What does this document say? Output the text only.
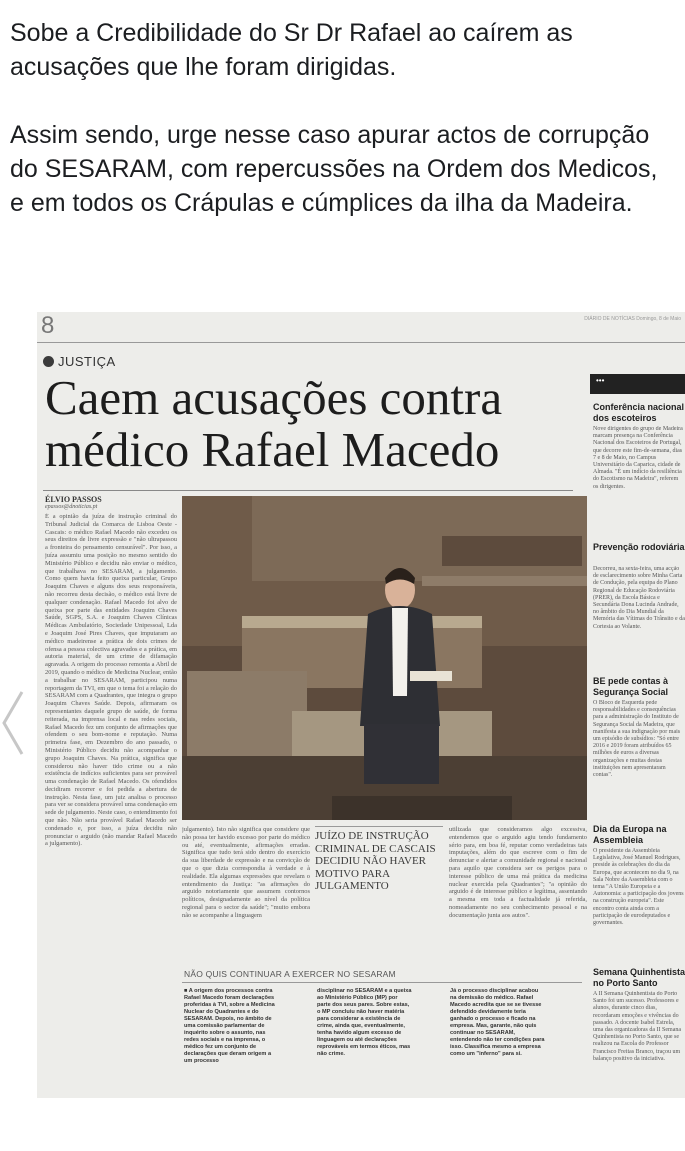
Sobe a Credibilidade do Sr Dr Rafael ao caírem as acusações que lhe foram dirigidas.

Assim sendo, urge nesse caso apurar actos de corrupção do SESARAM, com repercussões na Ordem dos Medicos, e em todos os Crápulas e cúmplices da ilha da Madeira.

8	DIÁRIO DE NOTÍCIAS Domingo, 8 de Maio
JUSTIÇA
Caem acusações contra médico Rafael Macedo
ÉLVIO PASSOS
epassos@dnoticias.pt

É a opinião da juíza de instrução criminal do Tribunal Judicial da Comarca de Lisboa Oeste - Cascais: o médico Rafael Macedo não excedeu os seus direitos de livre expressão e "não ultrapassou a fronteira do pensamento censurável". Por isso, a juíza assumiu uma posição no mesmo sentido do Ministério Público e decidiu não enviar o médico, que trabalhava no SESARAM, a julgamento. Como quem havia feito queixa particular, Grupo Joaquim Chaves e alguns dos seus responsáveis, não recorreu desta decisão, o médico está livre de qualquer condenação. Rafael Macedo foi alvo de queixa por parte das entidades Joaquim Chaves Saúde, SGPS, S.A. e Joaquim Chaves Clínicas Médicas Ambulatório, Sociedade Unipessoal, Lda e Joaquim José Pires Chaves, que imputaram ao médico madeirense a prática de dois crimes de ofensa a pessoa colectiva agravados e a prática, em autoria material, de um crime de difamação agravada. A origem do processo remonta a Abril de 2019, quando o médico de Medicina Nuclear, então a trabalhar no SESARAM, participou numa reportagem da TVI, em que o tema foi a relação do SESARAM com a Quadrantes, que integra o grupo Joaquim Chaves Saúde. Depois, afirmaram os representantes daquele grupo de saúde, de forma reiterada, na imprensa local e nas redes sociais, Rafael Macedo fez um conjunto de afirmações que ofendem o seu bom-nome e reputação. Numa primeira fase, em Dezembro do ano passado, o Ministério Público decidiu não acompanhar o grupo Joaquim Chaves. Na prática, significa que considerou não haver tido crime ou a não existência de indícios suficientes para ser provável uma condenação de Rafael Macedo. Os ofendidos decidiram recorrer e foi pedida a abertura de instrução. Nesta fase, um juiz analisa o processo para ver se considera provável uma condenação em sede de julgamento. Neste caso, o entendimento foi que não. Não seria provável Rafael Macedo ser condenado e, por isso, a juíza decidiu não pronunciar o arguido (não mandar Rafael Macedo a julgamento).

julgamento). Isto não significa que considere que não possa ter havido excesso por parte do médico ou até, eventualmente, afirmações erradas. Significa que tudo terá sido dentro do exercício da sua liberdade de expressão e na convicção de que o que dizia correspondia à verdade e à realidade. Ela algumas expressões que revelam o entendimento da Justiça: "as afirmações do arguido notoriamente que assumem contornos políticos, designadamente ao nível da política regional para o sector da saúde"; "muito embora não se acompanhe a linguagem

JUÍZO DE INSTRUÇÃO CRIMINAL DE CASCAIS DECIDIU NÃO HAVER MOTIVO PARA JULGAMENTO

utilizada que consideramos algo excessiva, entendemos que o arguido agiu tendo fundamento sério para, em boa fé, reputar como verdadeiras tais imputações, além do que escreve com o fim de denunciar e alertar a comunidade regional e nacional para aquilo que considera ser os perigos para o interesse público de uma má prática da medicina nuclear exercida pela Quadrantes"; "a opinião do arguido é de interesse público e legítima, assentando a mesma em toda a factualidade já referida, nomeadamente no seu conhecimento pessoal e na documentação junta aos autos".

NÃO QUIS CONTINUAR A EXERCER NO SESARAM

■ A origem dos processos contra Rafael Macedo foram declarações proferidas à TVI, sobre a Medicina Nuclear do Quadrantes e do SESARAM. Depois, no âmbito de uma comissão parlamentar de inquérito sobre o assunto, nas redes sociais e na imprensa, o médico fez um conjunto de declarações que deram origem a um processo

disciplinar no SESARAM e a queixa ao Ministério Público (MP) por parte dos seus pares. Sobre estas, o MP concluiu não haver matéria para considerar a existência de crime, ainda que, eventualmente, tenha havido algum excesso de linguagem ou até declarações reprováveis em termos éticos, mas não crime.

Já o processo disciplinar acabou na demissão do médico. Rafael Macedo acredita que se se tivesse defendido devidamente teria ganhado o processo e ficado na empresa. Mas, garante, não quis continuar no SESARAM, entendendo não ter condições para isso. Classifica mesmo a empresa como um "inferno" para si.

•••
Conferência nacional dos escoteiros
Nove dirigentes do grupo de Madeira marcam presença na Conferência Nacional dos Escoteiros de Portugal, que decorre este fim-de-semana, dias 7 e 8 de Maio, no Campus Universitário da Caparica, cidade de Almada. "É um indício da resiliência do Escotismo na Madeira", referem os dirigentes.
Prevenção rodoviária
Decorreu, na sexta-feira, uma acção de esclarecimento sobre Minha Carta de Condução, pela equipa do Plano Regional de Educação Rodoviária (PRER), da Escola Básica e Secundária Dona Lucinda Andrade, no âmbito do Dia Mundial da Memória das Vítimas do Trânsito e da Cortesia ao Volante.
BE pede contas à Segurança Social
O Bloco de Esquerda pede responsabilidades e consequências para a administração do Instituto de Segurança Social da Madeira, que manifesta a sua indignação por mais um episódio de subsídios: "Só entre 2016 e 2019 foram atribuídos 65 milhões de euros a diversas organizações e muitas destas instituições nem apresentaram contas".
Dia da Europa na Assembleia
O presidente da Assembleia Legislativa, José Manuel Rodrigues, preside às celebrações do dia da Europa, que acontecem no dia 9, na Sala Nobre da Assembleia com o tema "A União Europeia e a Autonomia: a participação dos jovens na construção europeia". Este encontro conta ainda com a participação de eurodeputados e governantes.
Semana Quinhentista no Porto Santo
A II Semana Quinhentista do Porto Santo foi um sucesso. Professores e alunos, durante cinco dias, recordaram emoções e vivências do passado. A docente Isabel Estrela, uma das organizadoras da II Semana Quinhentista no Porto Santo, que se realizou na Escola do Professor Francisco Freitas Branco, traçou um balanço positivo da iniciativa.
